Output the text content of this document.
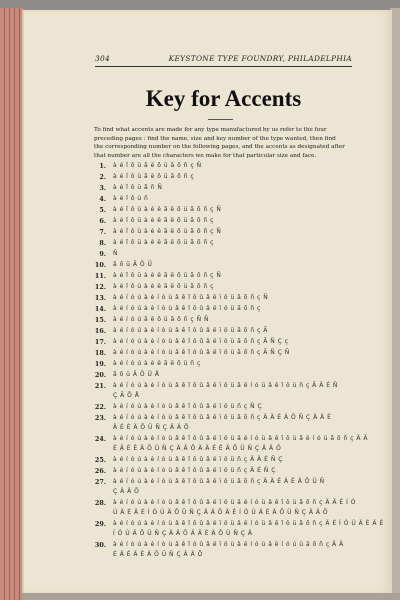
304	KEYSTONE TYPE FOUNDRY, PHILADELPHIA
Key for Accents
To find what accents are made for any type manufactured by us refer to the four
preceding pages : find the name, size and key number of the type wanted, then find
the corresponding number on the following pages, and the accents as designated after
that number are all the characters we make for that particular size and face.
1. à é î ô ü ã ë õ ü ã õ ñ ç Ñ
2. à é î ô ü ã ë õ ü ã õ ñ ç
3. à é î ô ü ã ñ Ñ
4. à é î ô ü ñ
5. à é î ô ü à è ë ã ë õ ü ã õ ñ ç Ñ
6. à é î ô ü à è ë ã ë õ ü ã õ ñ ç
7. à é î ô ü à è ë ã ë õ ü ã õ ñ ç Ñ
8. à é î ô ü à è ë ã ë õ ü ã õ ñ ç
9. Ñ
10. ã õ ü Ã Õ Ü
11. à é î ô ü à è ë ã ë õ ü ã õ ñ ç Ñ
12. à é î ô ü à è ë ã ë õ ü ã õ ñ ç
13. à é í ó ú à è í ò ù â ê î ô û â ë ï ö ü ã õ ñ ç Ñ
14. à é í ó ú à è í ò ù â ê î ô û â ë ï ö ü ã õ ñ ç
15. à é í ó ú ã ë õ ü ã õ ñ ç Ñ Ñ
16. à é í ó ú à è í ò ù â ê î ô û â ë ï ö ü ã õ ñ ç Ã
17. à é í ó ú à è í ò ù â ê î ô û â ë ï ö ü ã õ ñ ç Ã Ñ Ç ç
18. à é í ó ú à è í ò ù â ê î ô û â ë ï ö ü ã õ ñ ç Ã Ñ Ç Ñ
19. à é í ó ú à è ë ã ë õ ü ñ ç
20. ã õ ü Ã Õ Ü Å
21. à é í ó ú à è í ò ù â ê î ô û â ë ï ö ü ã ë í ó ü â ê î ô ü ñ ç Ã Ä É Ñ
Ç Ã Õ Å
22. à é í ó ú à è í ò ù â ê î ô û â ë ï ö ü ñ ç Ñ Ç
23. à é í ó ú à è í ò ù â ê î ô û â ë ï ö ü ã õ ñ ç Ä Ä É Ä Õ Ñ Ç Ä Ä É
Ä É É Ä Õ Ü Ñ Ç Ä Ä Õ
24. à é í ó ú à è í ò ù â ê î ô û â ë ï ö ü â ë í ó ü â ê î ô ü ã ë í ó ü ã õ ñ ç Ä Ä
É Ä É Ê Ä Õ Ü Ñ Ç Ä Ä Õ Ä Ä É Ê Ä Õ Ü Ñ Ç Ä Ä Õ
25. à é í ó ú à è í ò ù â ê î ô û â ë ï ö ü ñ ç Ä Ä É Ñ Ç
26. à é í ó ú à è í ò ù â ê î ô û â ë ï ö ü ñ ç Ä É Ñ Ç
27. à é í ó ú à è í ò ù â ê î ô û â ë ï ö ü ã õ ñ ç Ä Ä É Ä Ê Ä Õ Ü Ñ
Ç Ä Ä Õ
28. à é í ó ú à è í ò ù â ê î ô û â ë ï ö ü â ë í ó ü â ê î ô ü ã õ ñ ç Ä Ä É Í Ó
Ú Ä É Ä É Í Ó Ú Ä Õ Ü Ñ Ç Ä Ä Õ Ä É Í Ó Ú Ä É Ä Õ Ü Ñ Ç Ä Ä Õ
29. à é í ó ú à è í ò ù â ê î ô û â ë ï ö ü â ë í ó ü â ê î ô ü ã õ ñ ç Ä É Í Ó Ú Ä É Ä É
Í Ó Ú Ä Õ Ü Ñ Ç Ä Ä Õ Ä Ä É Ä Õ Ü Ñ Ç Ä
30. à é í ó ú à è í ò ù â ê î ô û â ë ï ö ü â ë í ó ü â ë í ó ú ü ã õ ñ ç Ä Ä
É Ä É Ä É Ä Õ Ü Ñ Ç Ä Ä Õ
